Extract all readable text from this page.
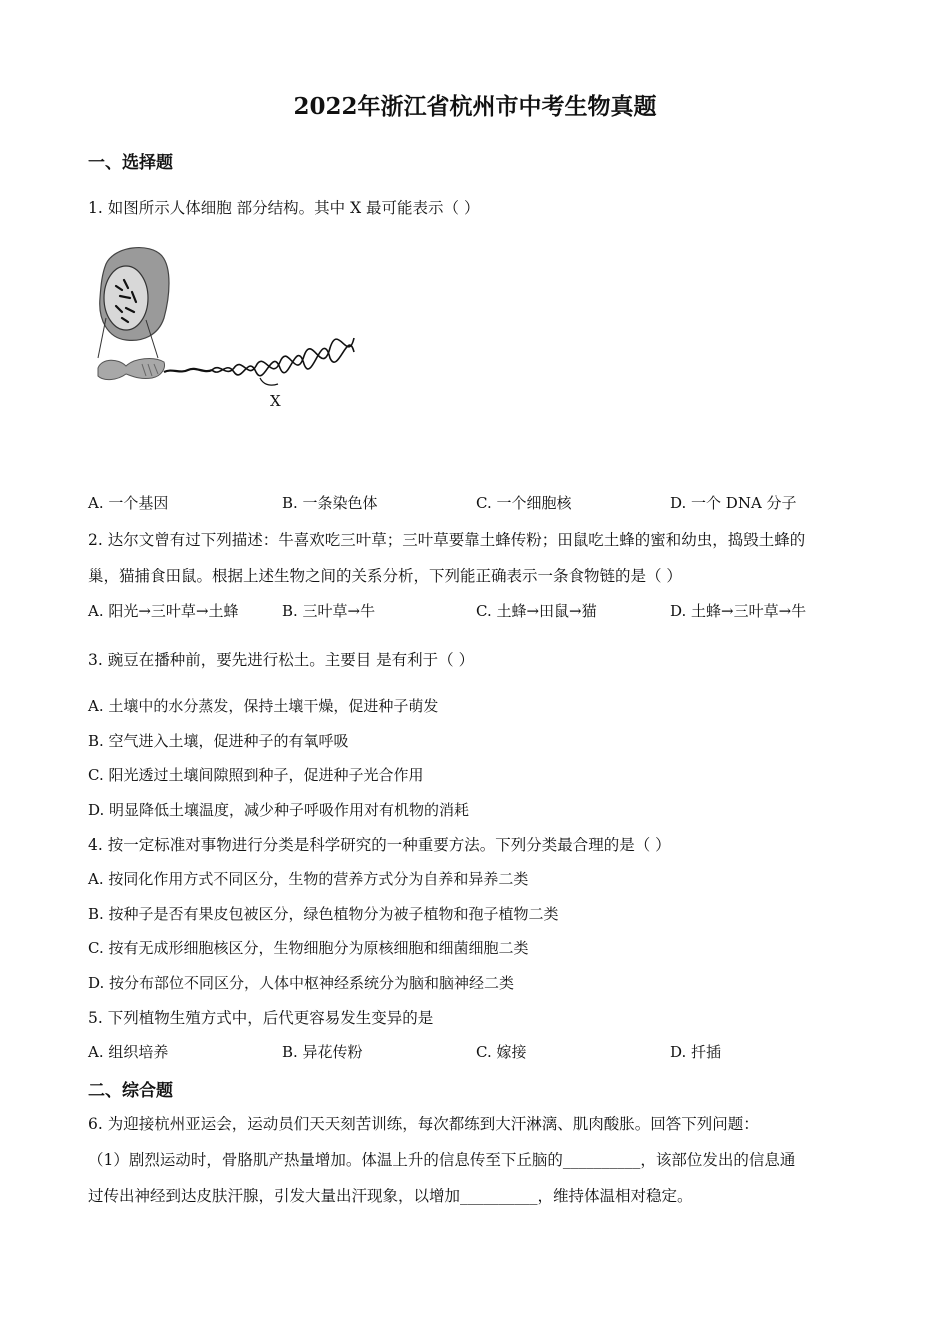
2022年浙江省杭州市中考生物真题
一、选择题
1. 如图所示人体细胞 部分结构。其中 X 最可能表示（ ）
X
A. 一个基因	B. 一条染色体	C. 一个细胞核	D. 一个 DNA 分子
2. 达尔文曾有过下列描述：牛喜欢吃三叶草；三叶草要靠土蜂传粉；田鼠吃土蜂的蜜和幼虫，捣毁土蜂的
巢，猫捕食田鼠。根据上述生物之间的关系分析，下列能正确表示一条食物链的是（ ）
A. 阳光→三叶草→土蜂	B. 三叶草→牛	C. 土蜂→田鼠→猫	D. 土蜂→三叶草→牛
3. 豌豆在播种前，要先进行松土。主要目 是有利于（ ）
A. 土壤中的水分蒸发，保持土壤干燥，促进种子萌发
B. 空气进入土壤，促进种子的有氧呼吸
C. 阳光透过土壤间隙照到种子，促进种子光合作用
D. 明显降低土壤温度，减少种子呼吸作用对有机物的消耗
4. 按一定标准对事物进行分类是科学研究的一种重要方法。下列分类最合理的是（ ）
A. 按同化作用方式不同区分，生物的营养方式分为自养和异养二类
B. 按种子是否有果皮包被区分，绿色植物分为被子植物和孢子植物二类
C. 按有无成形细胞核区分，生物细胞分为原核细胞和细菌细胞二类
D. 按分布部位不同区分，人体中枢神经系统分为脑和脑神经二类
5. 下列植物生殖方式中，后代更容易发生变异的是
A. 组织培养	B. 异花传粉	C. 嫁接	D. 扦插
二、综合题
6. 为迎接杭州亚运会，运动员们天天刻苦训练，每次都练到大汗淋漓、肌肉酸胀。回答下列问题：
（1）剧烈运动时，骨胳肌产热量增加。体温上升的信息传至下丘脑的__________，该部位发出的信息通
过传出神经到达皮肤汗腺，引发大量出汗现象，以增加__________，维持体温相对稳定。
